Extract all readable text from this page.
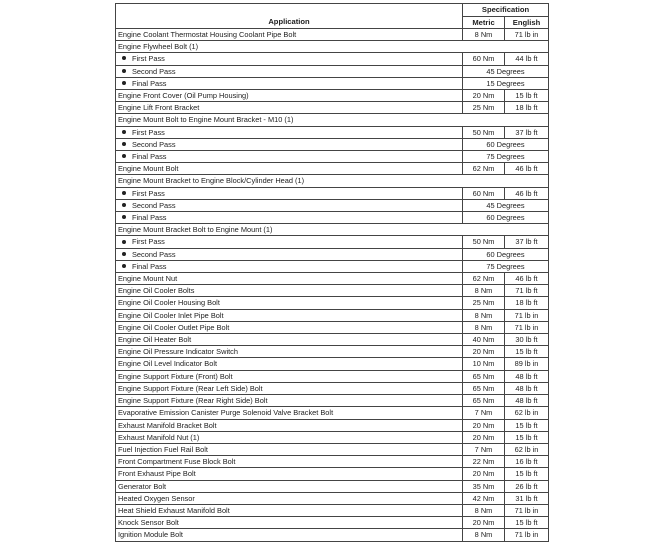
Application	Specification	
	Metric	English
Engine Coolant Thermostat Housing Coolant Pipe Bolt	8 Nm	71 lb in
Engine Flywheel Bolt (1)		
First Pass	60 Nm	44 lb ft
Second Pass	45 Degrees	
Final Pass	15 Degrees	
Engine Front Cover (Oil Pump Housing)	20 Nm	15 lb ft
Engine Lift Front Bracket	25 Nm	18 lb ft
Engine Mount Bolt to Engine Mount Bracket - M10 (1)		
First Pass	50 Nm	37 lb ft
Second Pass	60 Degrees	
Final Pass	75 Degrees	
Engine Mount Bolt	62 Nm	46 lb ft
Engine Mount Bracket to Engine Block/Cylinder Head (1)		
First Pass	60 Nm	46 lb ft
Second Pass	45 Degrees	
Final Pass	60 Degrees	
Engine Mount Bracket Bolt to Engine Mount (1)		
First Pass	50 Nm	37 lb ft
Second Pass	60 Degrees	
Final Pass	75 Degrees	
Engine Mount Nut	62 Nm	46 lb ft
Engine Oil Cooler Bolts	8 Nm	71 lb ft
Engine Oil Cooler Housing Bolt	25 Nm	18 lb ft
Engine Oil Cooler Inlet Pipe Bolt	8 Nm	71 lb in
Engine Oil Cooler Outlet Pipe Bolt	8 Nm	71 lb in
Engine Oil Heater Bolt	40 Nm	30 lb ft
Engine Oil Pressure Indicator Switch	20 Nm	15 lb ft
Engine Oil Level Indicator Bolt	10 Nm	89 lb in
Engine Support Fixture (Front) Bolt	65 Nm	48 lb ft
Engine Support Fixture (Rear Left Side) Bolt	65 Nm	48 lb ft
Engine Support Fixture (Rear Right Side) Bolt	65 Nm	48 lb ft
Evaporative Emission Canister Purge Solenoid Valve Bracket Bolt	7 Nm	62 lb in
Exhaust Manifold Bracket Bolt	20 Nm	15 lb ft
Exhaust Manifold Nut (1)	20 Nm	15 lb ft
Fuel Injection Fuel Rail Bolt	7 Nm	62 lb in
Front Compartment Fuse Block Bolt	22 Nm	16 lb ft
Front Exhaust Pipe Bolt	20 Nm	15 lb ft
Generator Bolt	35 Nm	26 lb ft
Heated Oxygen Sensor	42 Nm	31 lb ft
Heat Shield Exhaust Manifold Bolt	8 Nm	71 lb in
Knock Sensor Bolt	20 Nm	15 lb ft
Ignition Module Bolt	8 Nm	71 lb in
